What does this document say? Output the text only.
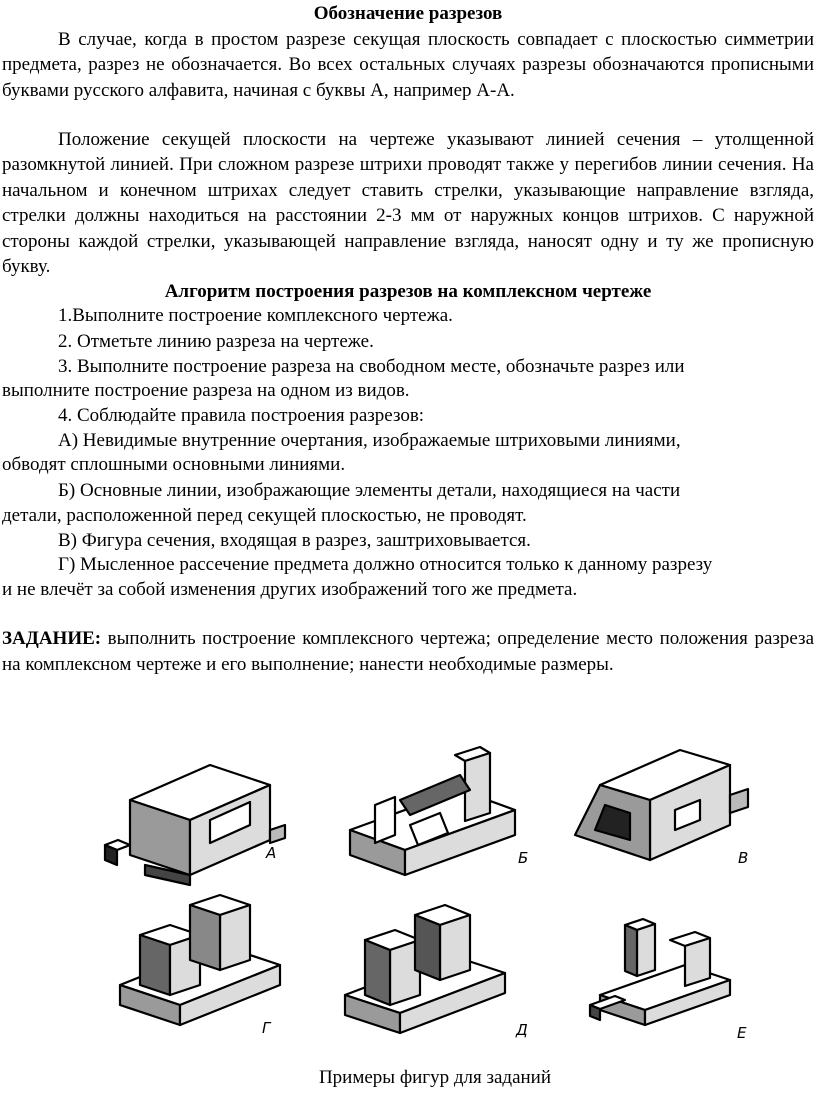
Обозначение разрезов
В случае, когда в простом разрезе секущая плоскость совпадает с плоскостью симметрии предмета, разрез не обозначается. Во всех остальных случаях разрезы обозначаются прописными буквами русского алфавита, начиная с буквы А, например А-А.
Положение секущей плоскости на чертеже указывают линией сечения – утолщенной разомкнутой линией. При сложном разрезе штрихи проводят также у перегибов линии сечения. На начальном и конечном штрихах следует ставить стрелки, указывающие направление взгляда, стрелки должны находиться на расстоянии 2-3 мм от наружных концов штрихов. С наружной стороны каждой стрелки, указывающей направление взгляда, наносят одну и ту же прописную букву.
Алгоритм построения разрезов на комплексном чертеже
1.Выполните построение комплексного чертежа.
2. Отметьте линию разреза на чертеже.
3. Выполните построение разреза на свободном месте, обозначьте разрез или
выполните построение разреза на одном из видов.
4. Соблюдайте правила построения разрезов:
А) Невидимые внутренние очертания, изображаемые штриховыми линиями,
обводят сплошными основными линиями.
Б) Основные линии, изображающие элементы детали, находящиеся на части
детали, расположенной перед секущей плоскостью, не проводят.
В) Фигура сечения, входящая в разрез, заштриховывается.
Г) Мысленное рассечение предмета должно относится только к данному разрезу
и не влечёт за собой изменения других изображений того же предмета.
ЗАДАНИЕ: выполнить построение комплексного чертежа; определение место положения разреза на комплексном чертеже и его выполнение; нанести необходимые размеры.
А	Б	В
Г	Д	Е
Примеры фигур для заданий
